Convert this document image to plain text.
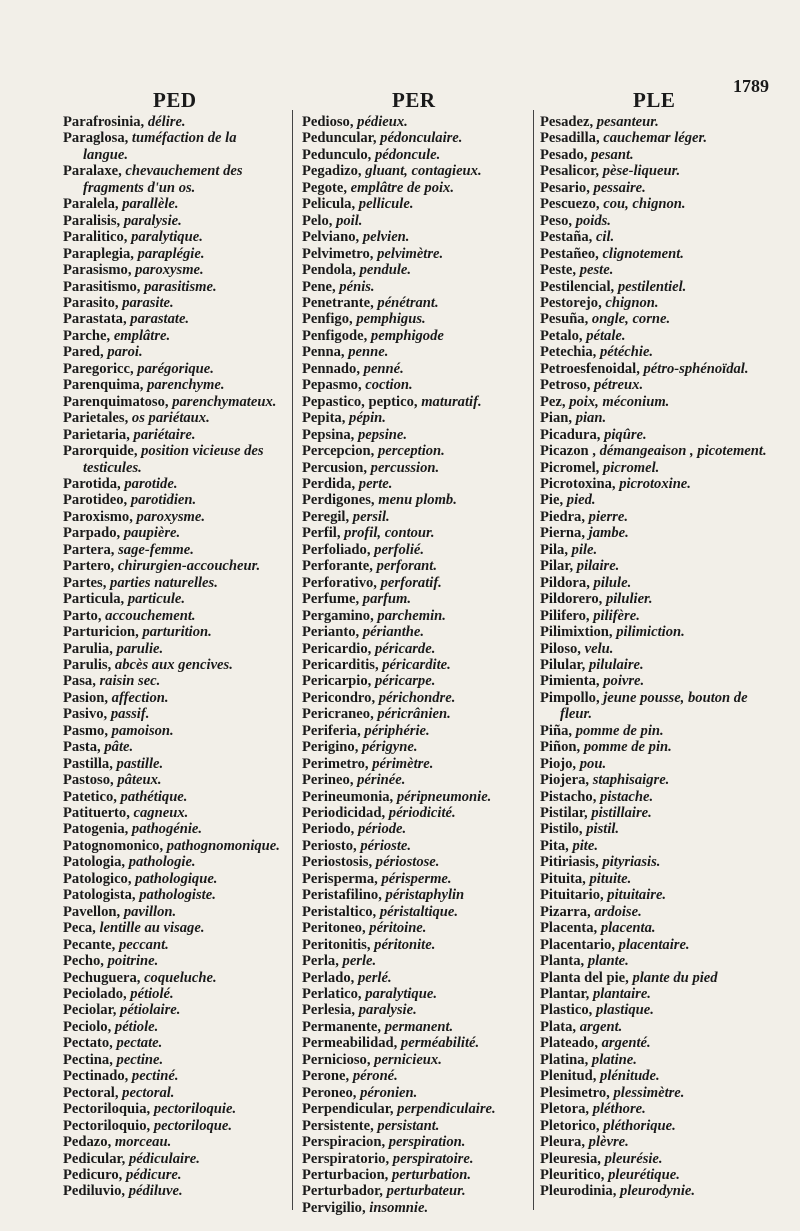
PED	PER	PLE
1789
Parafrosinia, délire.
Paraglosa, tuméfaction de la langue.
Paralaxe, chevauchement des fragments d'un os.
Paralela, parallèle.
Paralisis, paralysie.
Paralitico, paralytique.
Paraplegia, paraplégie.
Parasismo, paroxysme.
Parasitismo, parasitisme.
Parasito, parasite.
Parastata, parastate.
Parche, emplâtre.
Pared, paroi.
Paregoricc, parégorique.
Parenquima, parenchyme.
Parenquimatoso, parenchymateux.
Parietales, os pariétaux.
Parietaria, pariétaire.
Parorquide, position vicieuse des testicules.
Parotida, parotide.
Parotideo, parotidien.
Paroxismo, paroxysme.
Parpado, paupière.
Partera, sage-femme.
Partero, chirurgien-accoucheur.
Partes, parties naturelles.
Particula, particule.
Parto, accouchement.
Parturicion, parturition.
Parulia, parulie.
Parulis, abcès aux gencives.
Pasa, raisin sec.
Pasion, affection.
Pasivo, passif.
Pasmo, pamoison.
Pasta, pâte.
Pastilla, pastille.
Pastoso, pâteux.
Patetico, pathétique.
Patituerto, cagneux.
Patogenia, pathogénie.
Patognomonico, pathognomonique.
Patologia, pathologie.
Patologico, pathologique.
Patologista, pathologiste.
Pavellon, pavillon.
Peca, lentille au visage.
Pecante, peccant.
Pecho, poitrine.
Pechuguera, coqueluche.
Peciolado, pétiolé.
Peciolar, pétiolaire.
Peciolo, pétiole.
Pectato, pectate.
Pectina, pectine.
Pectinado, pectiné.
Pectoral, pectoral.
Pectoriloquia, pectoriloquie.
Pectoriloquio, pectoriloque.
Pedazo, morceau.
Pedicular, pédiculaire.
Pedicuro, pédicure.
Pediluvio, pédiluve.
Pedioso, pédieux.
Peduncular, pédonculaire.
Pedunculo, pédoncule.
Pegadizo, gluant, contagieux.
Pegote, emplâtre de poix.
Pelicula, pellicule.
Pelo, poil.
Pelviano, pelvien.
Pelvimetro, pelvimètre.
Pendola, pendule.
Pene, pénis.
Penetrante, pénétrant.
Penfigo, pemphigus.
Penfigode, pemphigode
Penna, penne.
Pennado, penné.
Pepasmo, coction.
Pepastico, peptico, maturatif.
Pepita, pépin.
Pepsina, pepsine.
Percepcion, perception.
Percusion, percussion.
Perdida, perte.
Perdigones, menu plomb.
Peregil, persil.
Perfil, profil, contour.
Perfoliado, perfolié.
Perforante, perforant.
Perforativo, perforatif.
Perfume, parfum.
Pergamino, parchemin.
Perianto, périanthe.
Pericardio, péricarde.
Pericarditis, péricardite.
Pericarpio, péricarpe.
Pericondro, périchondre.
Pericraneo, péricrânien.
Periferia, périphérie.
Perigino, périgyne.
Perimetro, périmètre.
Perineo, périnée.
Perineumonia, péripneumonie.
Periodicidad, périodicité.
Periodo, période.
Periosto, périoste.
Periostosis, périostose.
Perisperma, périsperme.
Peristafilino, péristaphylin
Peristaltico, péristaltique.
Peritoneo, péritoine.
Peritonitis, péritonite.
Perla, perle.
Perlado, perlé.
Perlatico, paralytique.
Perlesia, paralysie.
Permanente, permanent.
Permeabilidad, perméabilité.
Pernicioso, pernicieux.
Perone, péroné.
Peroneo, péronien.
Perpendicular, perpendiculaire.
Persistente, persistant.
Perspiracion, perspiration.
Perspiratorio, perspiratoire.
Perturbacion, perturbation.
Perturbador, perturbateur.
Pervigilio, insomnie.
Pesadez, pesanteur.
Pesadilla, cauchemar léger.
Pesado, pesant.
Pesalicor, pèse-liqueur.
Pesario, pessaire.
Pescuezo, cou, chignon.
Peso, poids.
Pestaña, cil.
Pestañeo, clignotement.
Peste, peste.
Pestilencial, pestilentiel.
Pestorejo, chignon.
Pesuña, ongle, corne.
Petalo, pétale.
Petechia, pétéchie.
Petroesfenoidal, pétro-sphénoïdal.
Petroso, pétreux.
Pez, poix, méconium.
Pian, pian.
Picadura, piqûre.
Picazon , démangeaison , picotement.
Picromel, picromel.
Picrotoxina, picrotoxine.
Pie, pied.
Piedra, pierre.
Pierna, jambe.
Pila, pile.
Pilar, pilaire.
Pildora, pilule.
Pildorero, pilulier.
Pilifero, pilifère.
Pilimixtion, pilimiction.
Piloso, velu.
Pilular, pilulaire.
Pimienta, poivre.
Pimpollo, jeune pousse, bouton de fleur.
Piña, pomme de pin.
Piñon, pomme de pin.
Piojo, pou.
Piojera, staphisaigre.
Pistacho, pistache.
Pistilar, pistillaire.
Pistilo, pistil.
Pita, pite.
Pitiriasis, pityriasis.
Pituita, pituite.
Pituitario, pituitaire.
Pizarra, ardoise.
Placenta, placenta.
Placentario, placentaire.
Planta, plante.
Planta del pie, plante du pied
Plantar, plantaire.
Plastico, plastique.
Plata, argent.
Plateado, argenté.
Platina, platine.
Plenitud, plénitude.
Plesimetro, plessimètre.
Pletora, pléthore.
Pletorico, pléthorique.
Pleura, plèvre.
Pleuresia, pleurésie.
Pleuritico, pleurétique.
Pleurodinia, pleurodynie.
